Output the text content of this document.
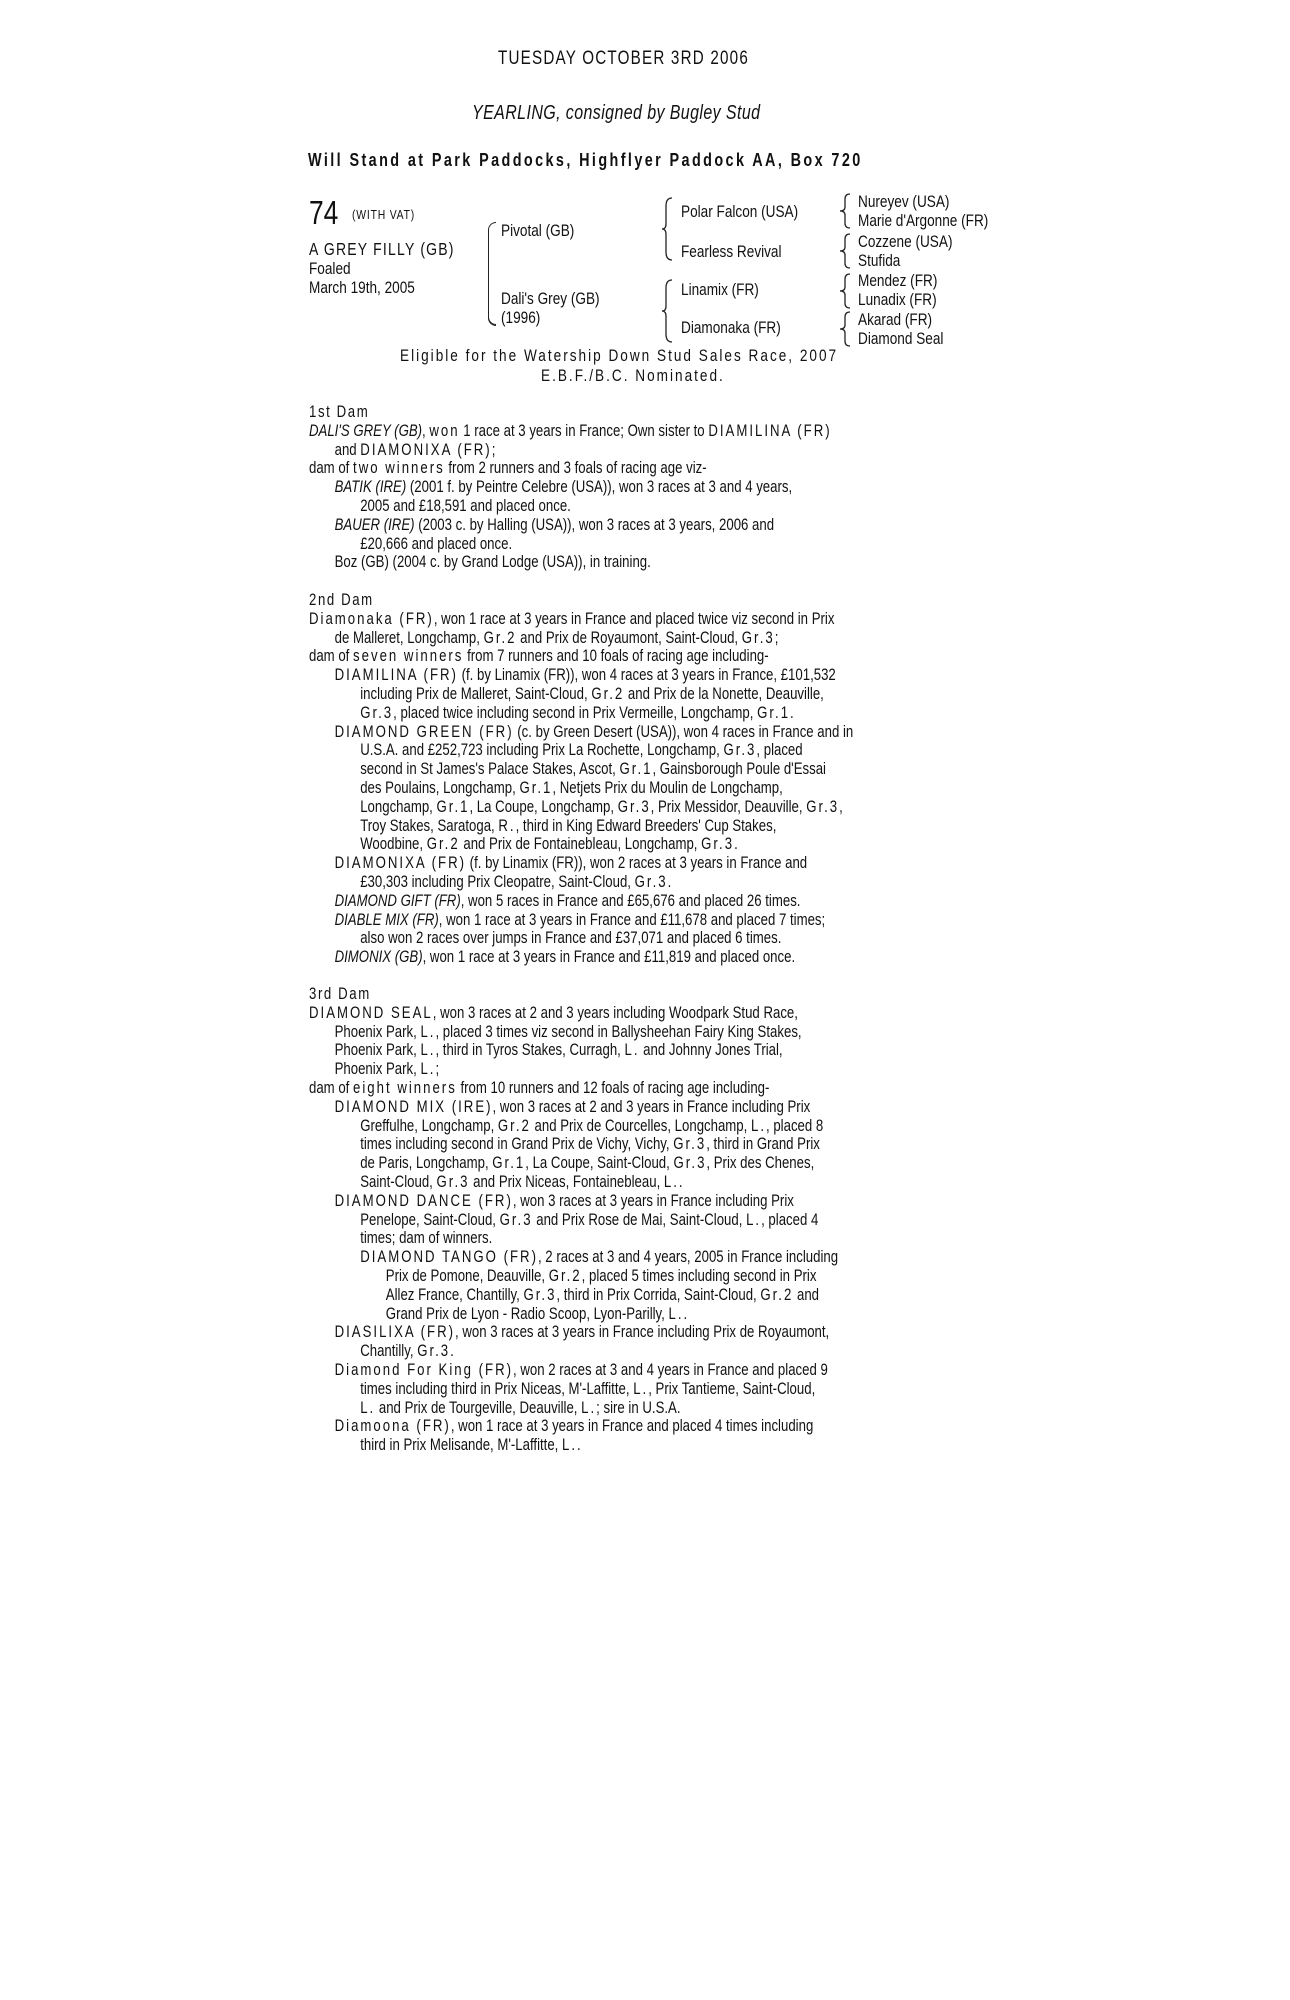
TUESDAY OCTOBER 3RD 2006
YEARLING, consigned by Bugley Stud
Will Stand at Park Paddocks, Highflyer Paddock AA, Box 720
74 (WITH VAT)
A GREY FILLY (GB)
Foaled
March 19th, 2005
Pivotal (GB)
Dali's Grey (GB)
(1996)
Polar Falcon (USA)
Fearless Revival
Linamix (FR)
Diamonaka (FR)
Nureyev (USA)
Marie d'Argonne (FR)
Cozzene (USA)
Stufida
Mendez (FR)
Lunadix (FR)
Akarad (FR)
Diamond Seal
Eligible for the Watership Down Stud Sales Race, 2007
E.B.F./B.C. Nominated.
1st Dam
DALI'S GREY (GB), won 1 race at 3 years in France; Own sister to DIAMILINA (FR)
and DIAMONIXA (FR);
dam of two winners from 2 runners and 3 foals of racing age viz-
BATIK (IRE) (2001 f. by Peintre Celebre (USA)), won 3 races at 3 and 4 years,
2005 and £18,591 and placed once.
BAUER (IRE) (2003 c. by Halling (USA)), won 3 races at 3 years, 2006 and
£20,666 and placed once.
Boz (GB) (2004 c. by Grand Lodge (USA)), in training.
2nd Dam
Diamonaka (FR), won 1 race at 3 years in France and placed twice viz second in Prix
de Malleret, Longchamp, Gr.2 and Prix de Royaumont, Saint-Cloud, Gr.3;
dam of seven winners from 7 runners and 10 foals of racing age including-
DIAMILINA (FR) (f. by Linamix (FR)), won 4 races at 3 years in France, £101,532
including Prix de Malleret, Saint-Cloud, Gr.2 and Prix de la Nonette, Deauville,
Gr.3, placed twice including second in Prix Vermeille, Longchamp, Gr.1.
DIAMOND GREEN (FR) (c. by Green Desert (USA)), won 4 races in France and in
U.S.A. and £252,723 including Prix La Rochette, Longchamp, Gr.3, placed
second in St James's Palace Stakes, Ascot, Gr.1, Gainsborough Poule d'Essai
des Poulains, Longchamp, Gr.1, Netjets Prix du Moulin de Longchamp,
Longchamp, Gr.1, La Coupe, Longchamp, Gr.3, Prix Messidor, Deauville, Gr.3,
Troy Stakes, Saratoga, R., third in King Edward Breeders' Cup Stakes,
Woodbine, Gr.2 and Prix de Fontainebleau, Longchamp, Gr.3.
DIAMONIXA (FR) (f. by Linamix (FR)), won 2 races at 3 years in France and
£30,303 including Prix Cleopatre, Saint-Cloud, Gr.3.
DIAMOND GIFT (FR), won 5 races in France and £65,676 and placed 26 times.
DIABLE MIX (FR), won 1 race at 3 years in France and £11,678 and placed 7 times;
also won 2 races over jumps in France and £37,071 and placed 6 times.
DIMONIX (GB), won 1 race at 3 years in France and £11,819 and placed once.
3rd Dam
DIAMOND SEAL, won 3 races at 2 and 3 years including Woodpark Stud Race,
Phoenix Park, L., placed 3 times viz second in Ballysheehan Fairy King Stakes,
Phoenix Park, L., third in Tyros Stakes, Curragh, L. and Johnny Jones Trial,
Phoenix Park, L.;
dam of eight winners from 10 runners and 12 foals of racing age including-
DIAMOND MIX (IRE), won 3 races at 2 and 3 years in France including Prix
Greffulhe, Longchamp, Gr.2 and Prix de Courcelles, Longchamp, L., placed 8
times including second in Grand Prix de Vichy, Vichy, Gr.3, third in Grand Prix
de Paris, Longchamp, Gr.1, La Coupe, Saint-Cloud, Gr.3, Prix des Chenes,
Saint-Cloud, Gr.3 and Prix Niceas, Fontainebleau, L..
DIAMOND DANCE (FR), won 3 races at 3 years in France including Prix
Penelope, Saint-Cloud, Gr.3 and Prix Rose de Mai, Saint-Cloud, L., placed 4
times; dam of winners.
DIAMOND TANGO (FR), 2 races at 3 and 4 years, 2005 in France including
Prix de Pomone, Deauville, Gr.2, placed 5 times including second in Prix
Allez France, Chantilly, Gr.3, third in Prix Corrida, Saint-Cloud, Gr.2 and
Grand Prix de Lyon - Radio Scoop, Lyon-Parilly, L..
DIASILIXA (FR), won 3 races at 3 years in France including Prix de Royaumont,
Chantilly, Gr.3.
Diamond For King (FR), won 2 races at 3 and 4 years in France and placed 9
times including third in Prix Niceas, M'-Laffitte, L., Prix Tantieme, Saint-Cloud,
L. and Prix de Tourgeville, Deauville, L.; sire in U.S.A.
Diamoona (FR), won 1 race at 3 years in France and placed 4 times including
third in Prix Melisande, M'-Laffitte, L..
